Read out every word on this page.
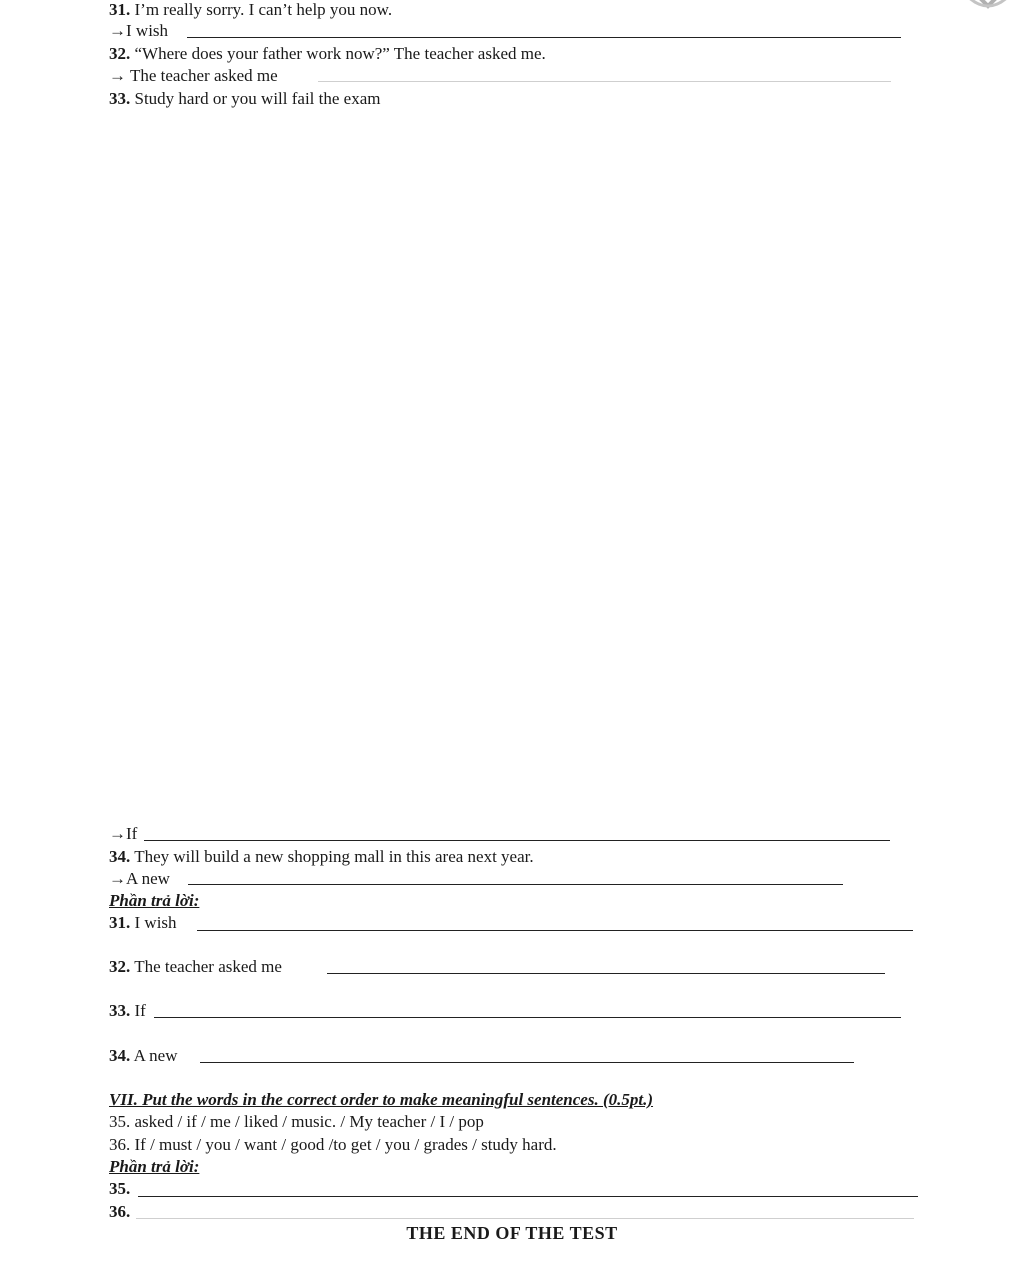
31. I’m really sorry. I can’t help you now.
→I wish
32. “Where does your father work now?” The teacher asked me.
→ The teacher asked me
33. Study hard or you will fail the exam
→If
34. They will build a new shopping mall in this area next year.
→A new
Phần trả lời:
31. I wish
32. The teacher asked me
33. If
34. A new
VII. Put the words in the correct order to make meaningful sentences. (0.5pt.)
35. asked / if / me / liked / music. / My teacher / I / pop
36. If / must / you / want / good /to get / you / grades / study hard.
Phần trả lời:
35.
36.
THE END OF THE TEST
